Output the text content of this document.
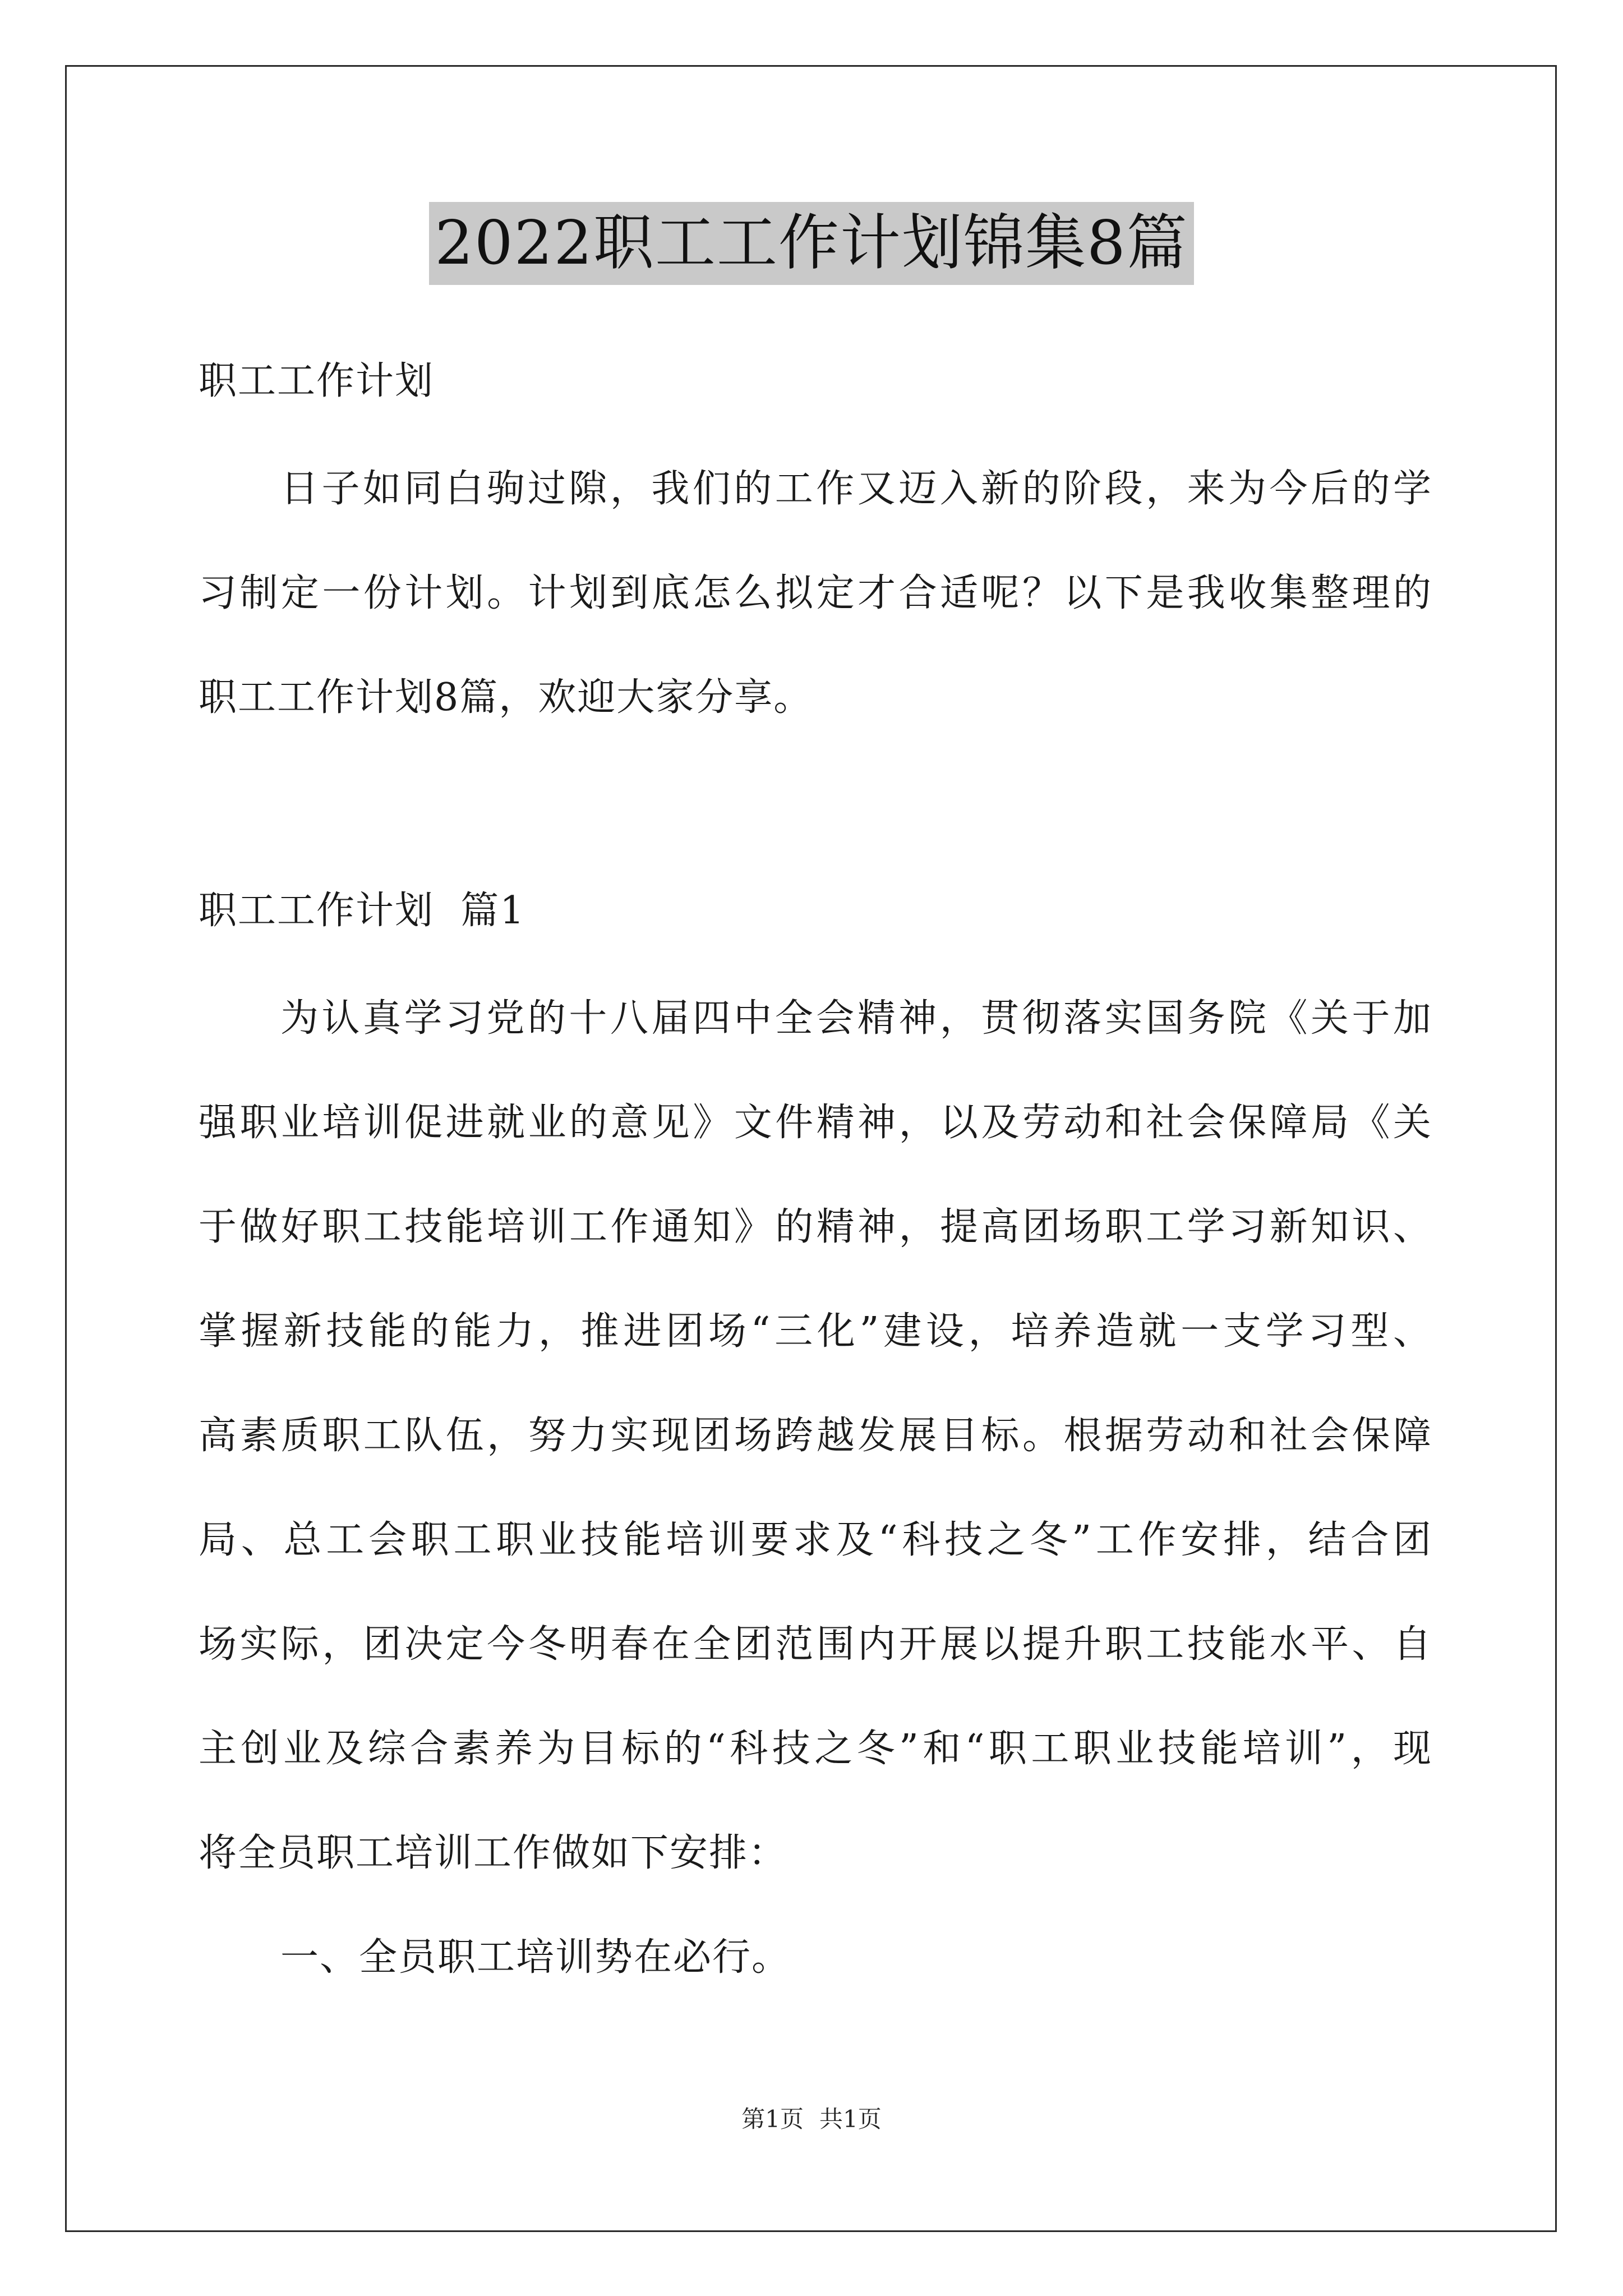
2022职工工作计划锦集8篇
职工工作计划
日子如同白驹过隙，我们的工作又迈入新的阶段，来为今后的学
习制定一份计划。计划到底怎么拟定才合适呢？以下是我收集整理的
职工工作计划8篇，欢迎大家分享。
职工工作计划  篇1
为认真学习党的十八届四中全会精神，贯彻落实国务院《关于加
强职业培训促进就业的意见》文件精神，以及劳动和社会保障局《关
于做好职工技能培训工作通知》的精神，提高团场职工学习新知识、
掌握新技能的能力，推进团场“三化”建设，培养造就一支学习型、
高素质职工队伍，努力实现团场跨越发展目标。根据劳动和社会保障
局、总工会职工职业技能培训要求及“科技之冬”工作安排，结合团
场实际，团决定今冬明春在全团范围内开展以提升职工技能水平、自
主创业及综合素养为目标的“科技之冬”和“职工职业技能培训”，现
将全员职工培训工作做如下安排：
一、全员职工培训势在必行。
第1页 共1页
